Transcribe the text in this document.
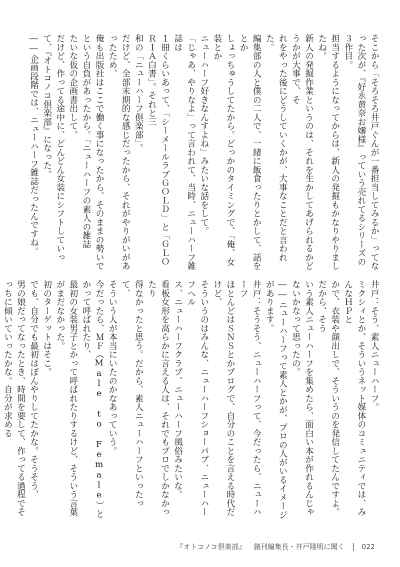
そこから「そろそろ井戸ぐんが一番担当してみるか」ってなった次が、『好永黄奈お嬢様』っていう売れてるシリーズの３作目。

担当するようになってからは、新人の発掘もかなりやりましたね。

新人の発掘作業というのは、それを生かしてあげられるかどうかが大事で、そ

れをやった後にどうしていくかが、大事なことだと言われた。

編集部の人と僕の二人で、一緒に飯食ったりとかして、話をとか

しょっちゅうしてたから。どっかのタイミングで、「俺、女装とか

ニューハーフ好きなんすよね」みたいな話をして。

「じゃあ、やりなよ」って言われて、当時、ニューハーフ雑誌は

１冊くらいあって、「シーメールラブＧＯＬＤ」と「ＧＬＯＲＩＡ白書」。それと三

和の「ニューハーフ倶楽部」。

だけど、全部末期的な感じだったから、それがやりがいがあったため、

俺も出版社はここで働く事になったから、そのままの勢いで

という自負があったから。「ニューハーフの素人の雑誌

たいな仮の企画書出して。

だけど、作ってる途中に、どんどん女装にシフトしていって、『オトコノコ倶楽部』になった。

――企画段階では、ニューハーフ雑誌だったんですね。

井戸：そう、素人ニューハーフ。

ミクシィとか、そういうネット媒体のコミュニティでは、みんなＨＰと

かで、衣装や顔出しで、そういうのを発信してたんですよ。だから、そう

いう素人ニューハーフを集めたら、面白い本が作れるんじゃないかなって思ったの。

――ニューハーフって素人とかが、プロの人がいるイメージがあります。

井戸：そうそう、ニューハーフって、今だったら、ニューハーフ

ほとんどはＳＮＳとかブログで、自分のことを言える時代だけど、

そういうのはみんな、ニューハーフショーパブ、ニューハーフヘル

ス、ニューハーフクラブ、ニューハーフ風俗みたいな。

看板女形を高らかに言える人は、それでもプロでしかなかったり

得なかったと思う。だから、素人ニューハーフといったって、

そういう人が本当にいたのかなあっていう。

今だったら、ＭＦ（Male to Female）とかって呼ばれたり、

最初の女装男子とかって呼ばれたりするけど、そういう言葉がまだなかった。

初のターゲットはそこ。

でも、自分でも最初はぼんやりしてたかな。そうそう、

男の娘だってなったとき、時間を要して、作ってる過程でそっちに傾いていったかな。自分が求める

『オトコノコ倶楽部』 創刊編集長・井戸隆明に聞く 022
